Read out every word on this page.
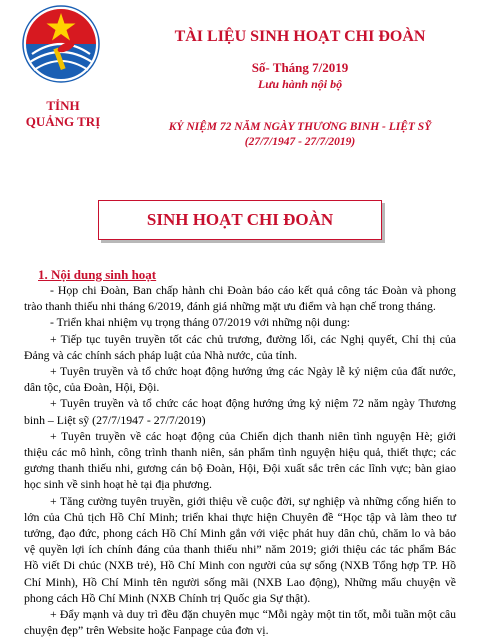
TỈNH
QUẢNG TRỊ
TÀI LIỆU SINH HOẠT CHI ĐOÀN
Số- Tháng 7/2019
Lưu hành nội bộ
KỶ NIỆM 72 NĂM NGÀY THƯƠNG BINH - LIỆT SỸ
(27/7/1947 - 27/7/2019)
SINH HOẠT CHI ĐOÀN
1. Nội dung sinh hoạt

- Họp chi Đoàn, Ban chấp hành chi Đoàn báo cáo kết quả công tác Đoàn và phong trào thanh thiếu nhi tháng 6/2019, đánh giá những mặt ưu điểm và hạn chế trong tháng.

- Triển khai nhiệm vụ trọng tháng 07/2019 với những nội dung:

+ Tiếp tục tuyên truyền tốt các chủ trương, đường lối, các Nghị quyết, Chỉ thị của Đảng và các chính sách pháp luật của Nhà nước, của tỉnh.

+ Tuyên truyền và tổ chức hoạt động hướng ứng các Ngày lễ kỷ niệm của đất nước, dân tộc, của Đoàn, Hội, Đội.

+ Tuyên truyền và tổ chức các hoạt động hướng ứng kỷ niệm 72 năm ngày Thương binh – Liệt sỹ (27/7/1947 - 27/7/2019)

+ Tuyên truyền về các hoạt động của Chiến dịch thanh niên tình nguyện Hè; giới thiệu các mô hình, công trình thanh niên, sản phẩm tình nguyện hiệu quả, thiết thực; các gương thanh thiếu nhi, gương cán bộ Đoàn, Hội, Đội xuất sắc trên các lĩnh vực; bàn giao học sinh về sinh hoạt hè tại địa phương.

+ Tăng cường tuyên truyền, giới thiệu về cuộc đời, sự nghiệp và những cống hiến to lớn của Chủ tịch Hồ Chí Minh; triển khai thực hiện Chuyên đề “Học tập và làm theo tư tưởng, đạo đức, phong cách Hồ Chí Minh gắn với việc phát huy dân chủ, chăm lo và bảo vệ quyền lợi ích chính đáng của thanh thiếu nhi” năm 2019; giới thiệu các tác phẩm Bác Hồ viết Di chúc (NXB trẻ), Hồ Chí Minh con người của sự sống (NXB Tổng hợp TP. Hồ Chí Minh), Hồ Chí Minh tên người sống mãi (NXB Lao động), Những mẩu chuyện về phong cách Hồ Chí Minh (NXB Chính trị Quốc gia Sự thật).

+ Đẩy mạnh và duy trì đều đặn chuyên mục “Mỗi ngày một tin tốt, mỗi tuần một câu chuyện đẹp” trên Website hoặc Fanpage của đơn vị.
